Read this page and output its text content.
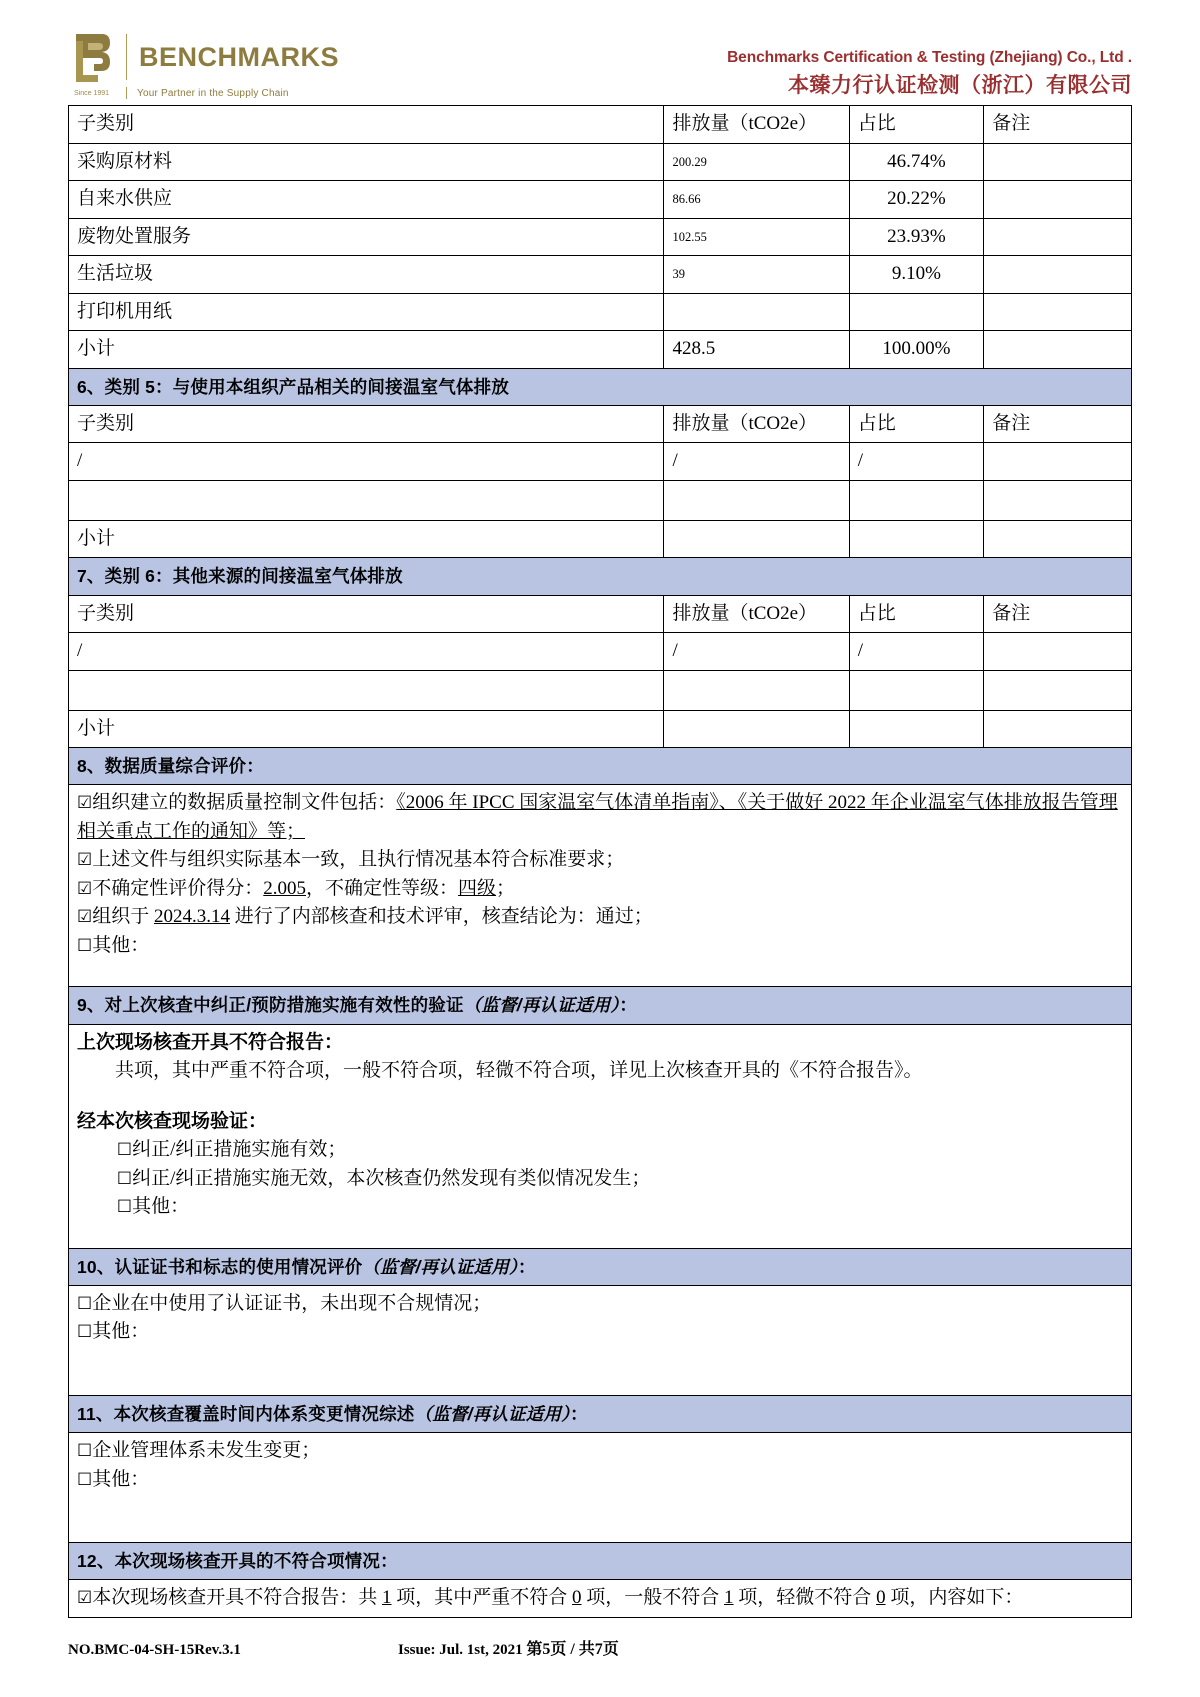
BENCHMARKS
Since 1991	Your Partner in the Supply Chain
Benchmarks Certification & Testing (Zhejiang) Co., Ltd .
本臻力行认证检测（浙江）有限公司
子类别	排放量（tCO2e）	占比	备注
采购原材料	200.29	46.74%	
自来水供应	86.66	20.22%	
废物处置服务	102.55	23.93%	
生活垃圾	39	9.10%	
打印机用纸			
小计	428.5	100.00%	
6、类别 5：与使用本组织产品相关的间接温室气体排放			
子类别	排放量（tCO2e）	占比	备注
/	/	/	

小计			
7、类别 6：其他来源的间接温室气体排放			
子类别	排放量（tCO2e）	占比	备注
/	/	/	

小计			
8、数据质量综合评价：			

☑组织建立的数据质量控制文件包括：《2006 年 IPCC 国家温室气体清单指南》、《关于做好 2022 年企业温室气体排放报告管理相关重点工作的通知》等；

☑上述文件与组织实际基本一致，且执行情况基本符合标准要求；

☑不确定性评价得分：2.005，不确定性等级：四级；

☑组织于 2024.3.14 进行了内部核查和技术评审，核查结论为：通过；

☐其他：			

9、对上次核查中纠正/预防措施实施有效性的验证（监督/再认证适用）：			

上次现场核查开具不符合报告：

共项，其中严重不符合项，一般不符合项，轻微不符合项，详见上次核查开具的《不符合报告》。

经本次核查现场验证：

☐纠正/纠正措施实施有效；

☐纠正/纠正措施实施无效，本次核查仍然发现有类似情况发生；

☐其他：

10、认证证书和标志的使用情况评价（监督/再认证适用）：			

☐企业在中使用了认证证书，未出现不合规情况；

☐其他：			

11、本次核查覆盖时间内体系变更情况综述（监督/再认证适用）：			

☐企业管理体系未发生变更；

☐其他：			

12、本次现场核查开具的不符合项情况：			

☑本次现场核查开具不符合报告：共 1 项，其中严重不符合 0 项，一般不符合 1 项，轻微不符合 0 项，内容如下：			

NO.BMC-04-SH-15Rev.3.1	Issue: Jul. 1st, 2021 第5页 / 共7页
